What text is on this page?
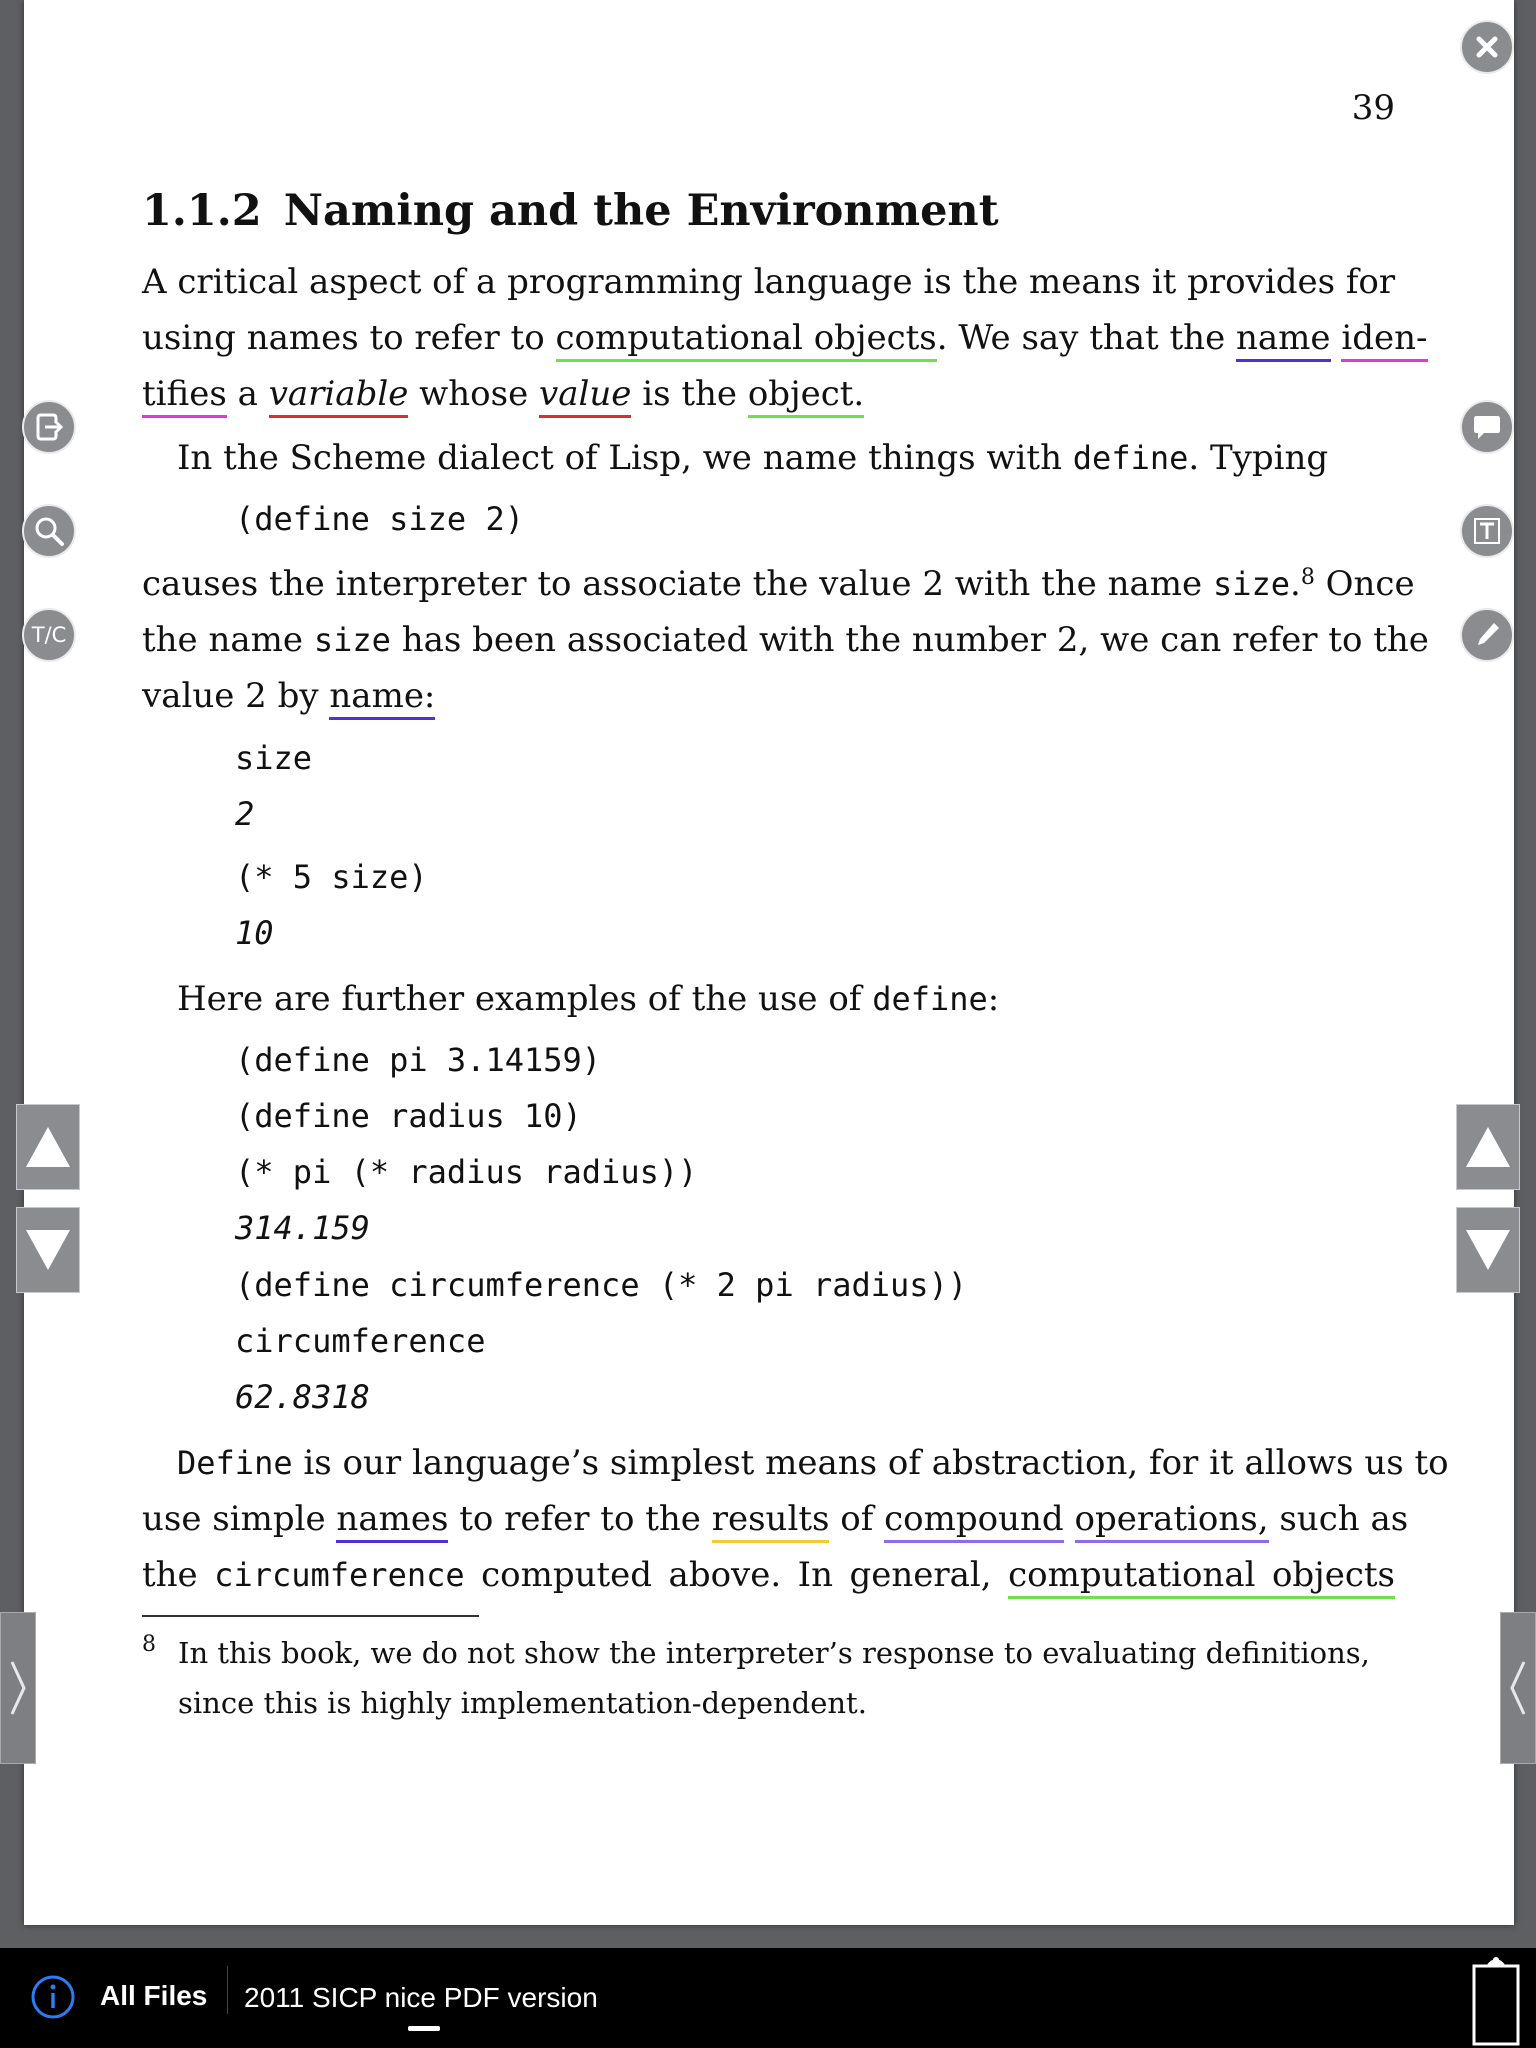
39
1.1.2 Naming and the Environment
A critical aspect of a programming language is the means it provides for
using names to refer to computational objects. We say that the name iden-
tifies a variable whose value is the object.
In the Scheme dialect of Lisp, we name things with define. Typing
(define size 2)
causes the interpreter to associate the value 2 with the name size.$^8$ Once
the name size has been associated with the number 2, we can refer to the
value 2 by name:
size
2
(* 5 size)
10
Here are further examples of the use of define:
(define pi 3.14159)
(define radius 10)
(* pi (* radius radius))
314.159
(define circumference (* 2 pi radius))
circumference
62.8318
Define is our language’s simplest means of abstraction, for it allows us to
use simple names to refer to the results of compound operations, such as
the circumference computed above. In general, computational objects
8 In this book, we do not show the interpreter’s response to evaluating definitions,
since this is highly implementation-dependent.
T/C
All Files 2011 SICP nice PDF version
